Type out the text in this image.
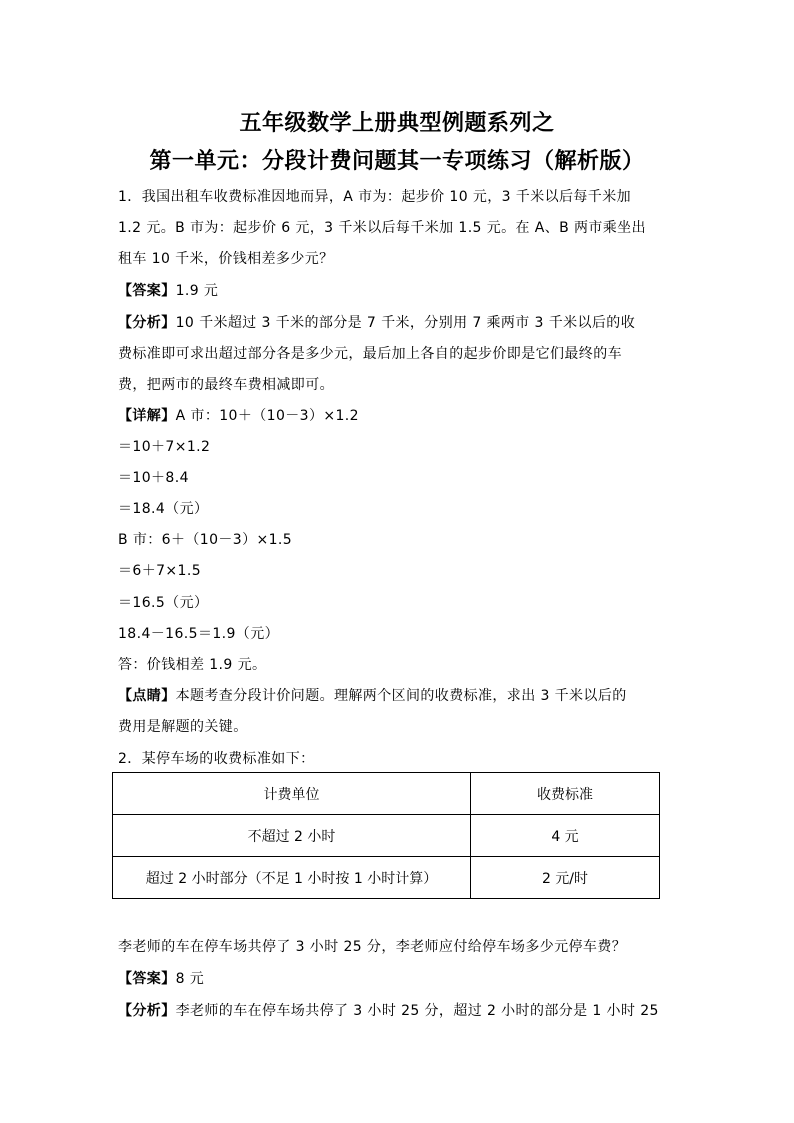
五年级数学上册典型例题系列之
第一单元：分段计费问题其一专项练习（解析版）
1．我国出租车收费标准因地而异，A 市为：起步价 10 元，3 千米以后每千米加
1.2 元。B 市为：起步价 6 元，3 千米以后每千米加 1.5 元。在 A、B 两市乘坐出
租车 10 千米，价钱相差多少元？
【答案】1.9 元
【分析】10 千米超过 3 千米的部分是 7 千米，分别用 7 乘两市 3 千米以后的收
费标准即可求出超过部分各是多少元，最后加上各自的起步价即是它们最终的车
费，把两市的最终车费相减即可。
【详解】A 市：10＋（10－3）×1.2
＝10＋7×1.2
＝10＋8.4
＝18.4（元）
B 市：6＋（10－3）×1.5
＝6＋7×1.5
＝16.5（元）
18.4－16.5＝1.9（元）
答：价钱相差 1.9 元。
【点睛】本题考查分段计价问题。理解两个区间的收费标准，求出 3 千米以后的
费用是解题的关键。
2．某停车场的收费标准如下：
计费单位	收费标准
不超过 2 小时	4 元
超过 2 小时部分（不足 1 小时按 1 小时计算）	2 元/时
李老师的车在停车场共停了 3 小时 25 分，李老师应付给停车场多少元停车费？
【答案】8 元
【分析】李老师的车在停车场共停了 3 小时 25 分，超过 2 小时的部分是 1 小时 25
